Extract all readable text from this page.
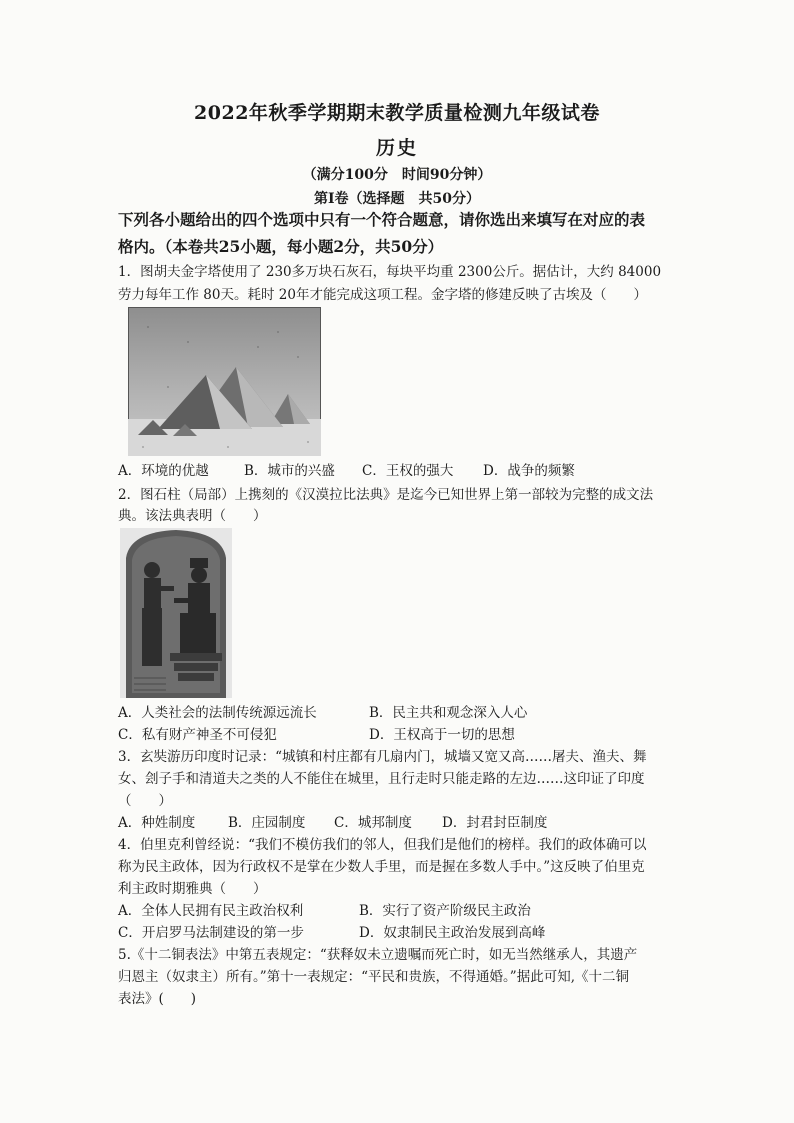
2022年秋季学期期末教学质量检测九年级试卷
历史
（满分100分　时间90分钟）
第Ⅰ卷（选择题　共50分）
下列各小题给出的四个选项中只有一个符合题意，请你选出来填写在对应的表
格内。（本卷共25小题，每小题2分，共50分）
1．图胡夫金字塔使用了 230多万块石灰石，每块平均重 2300公斤。据估计，大约 84000
劳力每年工作 80天。耗时 20年才能完成这项工程。金字塔的修建反映了古埃及（　　）
A．环境的优越	B．城市的兴盛 C．王权的强大 D．战争的频繁
2．图石柱（局部）上携刻的《汉漠拉比法典》是迄今已知世界上第一部较为完整的成文法
典。该法典表明（　　）
A．人类社会的法制传统源远流长	B．民主共和观念深入人心
C．私有财产神圣不可侵犯	D．王权高于一切的思想
3．玄奘游历印度时记录：“城镇和村庄都有几扇内门，城墙又宽又高……屠夫、渔夫、舞
女、刽子手和清道夫之类的人不能住在城里，且行走时只能走路的左边……这印证了印度
（　　）
A．种姓制度 B．庄园制度 C．城邦制度 D．封君封臣制度
4．伯里克利曾经说：“我们不模仿我们的邻人，但我们是他们的榜样。我们的政体确可以
称为民主政体，因为行政权不是掌在少数人手里，而是握在多数人手中。”这反映了伯里克
利主政时期雅典（　　）
A．全体人民拥有民主政治权利	B．实行了资产阶级民主政治
C．开启罗马法制建设的第一步	D．奴隶制民主政治发展到高峰
5.《十二铜表法》中第五表规定：“获释奴未立遗嘱而死亡时，如无当然继承人，其遗产
归恩主（奴隶主）所有。”第十一表规定：“平民和贵族，不得通婚。”据此可知,《十二铜
表法》(　　)
